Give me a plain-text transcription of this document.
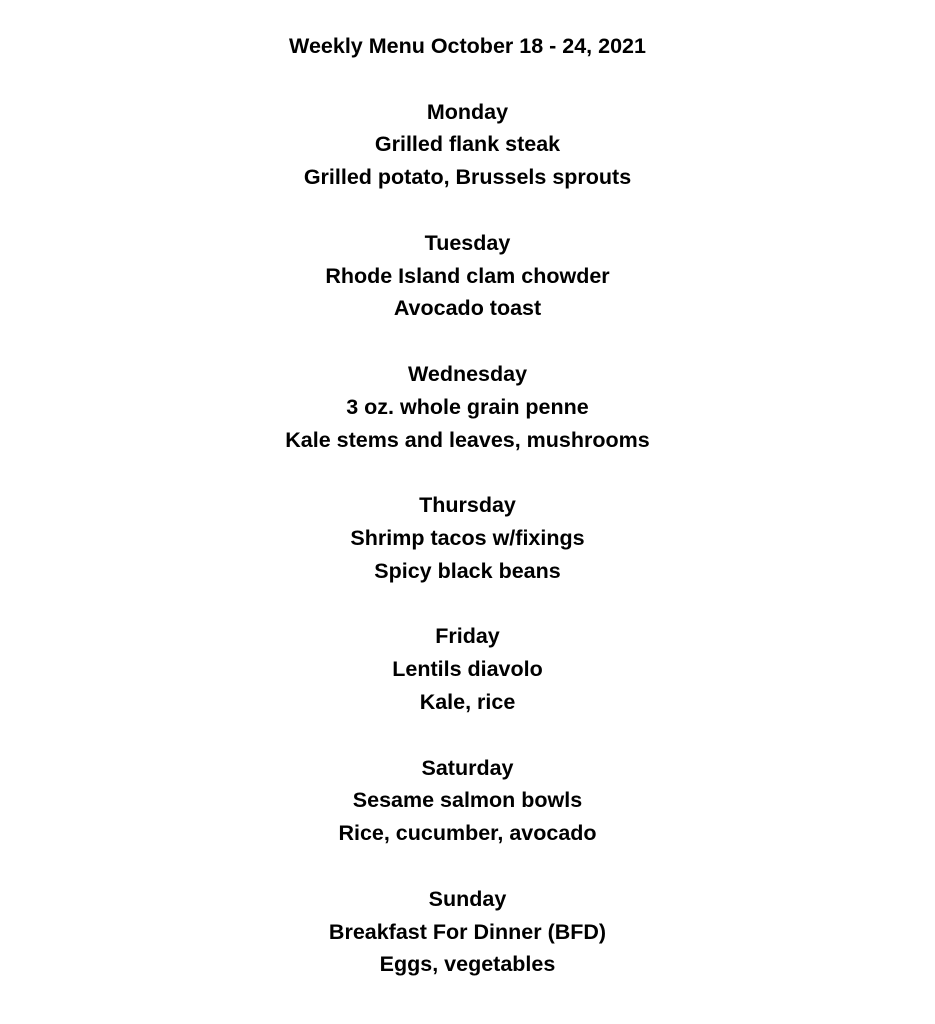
Weekly Menu October 18 - 24, 2021
Monday
Grilled flank steak
Grilled potato, Brussels sprouts
Tuesday
Rhode Island clam chowder
Avocado toast
Wednesday
3 oz. whole grain penne
Kale stems and leaves, mushrooms
Thursday
Shrimp tacos w/fixings
Spicy black beans
Friday
Lentils diavolo
Kale, rice
Saturday
Sesame salmon bowls
Rice, cucumber, avocado
Sunday
Breakfast For Dinner (BFD)
Eggs, vegetables
